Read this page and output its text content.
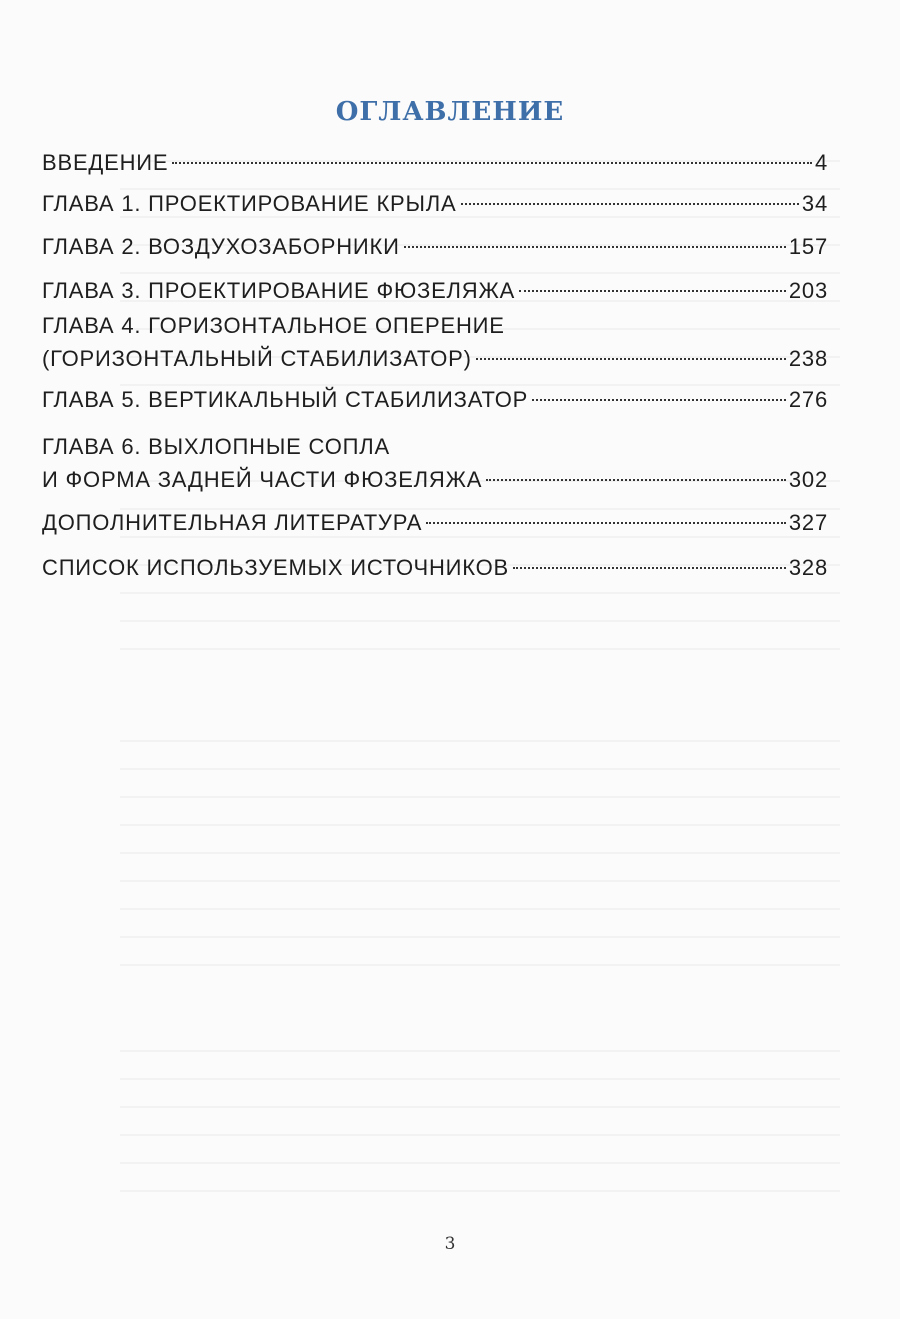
ОГЛАВЛЕНИЕ
ВВЕДЕНИЕ	4
ГЛАВА 1. ПРОЕКТИРОВАНИЕ КРЫЛА	34
ГЛАВА 2. ВОЗДУХОЗАБОРНИКИ	157
ГЛАВА 3. ПРОЕКТИРОВАНИЕ ФЮЗЕЛЯЖА	203
ГЛАВА 4. ГОРИЗОНТАЛЬНОЕ ОПЕРЕНИЕ
(ГОРИЗОНТАЛЬНЫЙ СТАБИЛИЗАТОР)	238
ГЛАВА 5. ВЕРТИКАЛЬНЫЙ СТАБИЛИЗАТОР	276
ГЛАВА 6. ВЫХЛОПНЫЕ СОПЛА
И ФОРМА ЗАДНЕЙ ЧАСТИ ФЮЗЕЛЯЖА	302
ДОПОЛНИТЕЛЬНАЯ ЛИТЕРАТУРА	327
СПИСОК ИСПОЛЬЗУЕМЫХ ИСТОЧНИКОВ	328
3
